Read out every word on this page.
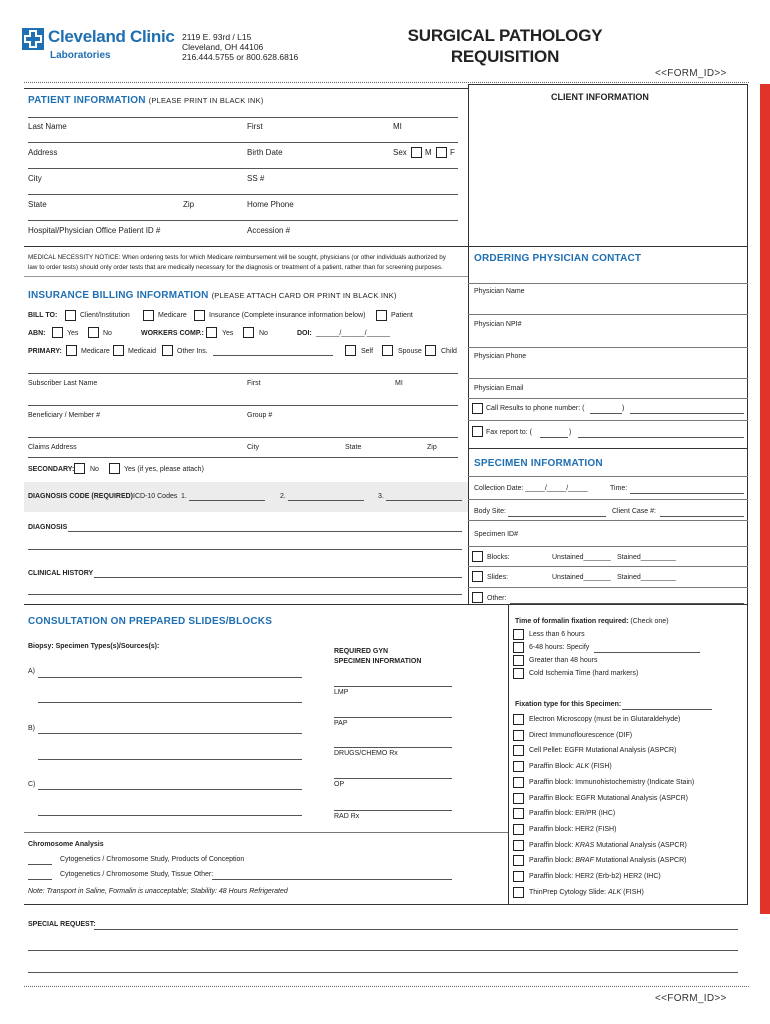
Cleveland Clinic
Laboratories
2119 E. 93rd / L15
Cleveland, OH 44106
216.444.5755 or 800.628.6816
SURGICAL PATHOLOGY
REQUISITION
<<FORM_ID>>
PATIENT INFORMATION (PLEASE PRINT IN BLACK INK)
Last Name	First	MI
Address	Birth Date	Sex M F
City	SS #
State	Zip	Home Phone
Hospital/Physician Office Patient ID #	Accession #
MEDICAL NECESSITY NOTICE: When ordering tests for which Medicare reimbursement will be sought, physicians (or other individuals authorized by
law to order tests) should only order tests that are medically necessary for the diagnosis or treatment of a patient, rather than for screening purposes.
CLIENT INFORMATION
ORDERING PHYSICIAN CONTACT
Physician Name
Physician NPI#
Physician Phone
Physician Email
Call Results to phone number: (	)
Fax report to: (	)
SPECIMEN INFORMATION
Collection Date: _____/_____/_____	Time:
Body Site:	Client Case #:
Specimen ID#
Blocks:	Unstained_______ Stained_________
Slides:	Unstained_______ Stained_________
Other:
INSURANCE BILLING INFORMATION (PLEASE ATTACH CARD OR PRINT IN BLACK INK)
BILL TO:	Client/Institution	Medicare	Insurance (Complete insurance information below)	Patient
ABN:	Yes	No	WORKERS COMP.:	Yes	No	DOI: ______/______/______
PRIMARY:	Medicare	Medicaid	Other Ins.	Self	Spouse	Child
Subscriber Last Name	First	MI
Beneficiary / Member #	Group #
Claims Address	City	State	Zip
SECONDARY: No	Yes (if yes, please attach)
DIAGNOSIS CODE (REQUIRED) ICD-10 Codes 1.	2.	3.
DIAGNOSIS
CLINICAL HISTORY
CONSULTATION ON PREPARED SLIDES/BLOCKS
Biopsy: Specimen Types(s)/Sources(s):
A)
B)
C)
REQUIRED GYN
SPECIMEN INFORMATION
LMP
PAP
DRUGS/CHEMO Rx
OP
RAD Rx
Chromosome Analysis
Cytogenetics / Chromosome Study, Products of Conception
Cytogenetics / Chromosome Study, Tissue Other:
Note: Transport in Saline, Formalin is unacceptable; Stability: 48 Hours Refrigerated
Time of formalin fixation required: (Check one)
Less than 6 hours
6-48 hours: Specify
Greater than 48 hours
Cold Ischemia Time (hard markers)
Fixation type for this Specimen:
Electron Microscopy (must be in Glutaraldehyde)
Direct Immunoflourescence (DIF)
Cell Pellet: EGFR Mutational Analysis (ASPCR)
Paraffin Block: ALK (FISH)
Paraffin block: Immunohistochemistry (Indicate Stain)
Paraffin Block: EGFR Mutational Analysis (ASPCR)
Paraffin block: ER/PR (IHC)
Paraffin block: HER2 (FISH)
Paraffin block: KRAS Mutational Analysis (ASPCR)
Paraffin block: BRAF Mutational Analysis (ASPCR)
Paraffin block: HER2 (Erb-b2) HER2 (IHC)
ThinPrep Cytology Slide: ALK (FISH)
SPECIAL REQUEST:
<<FORM_ID>>
